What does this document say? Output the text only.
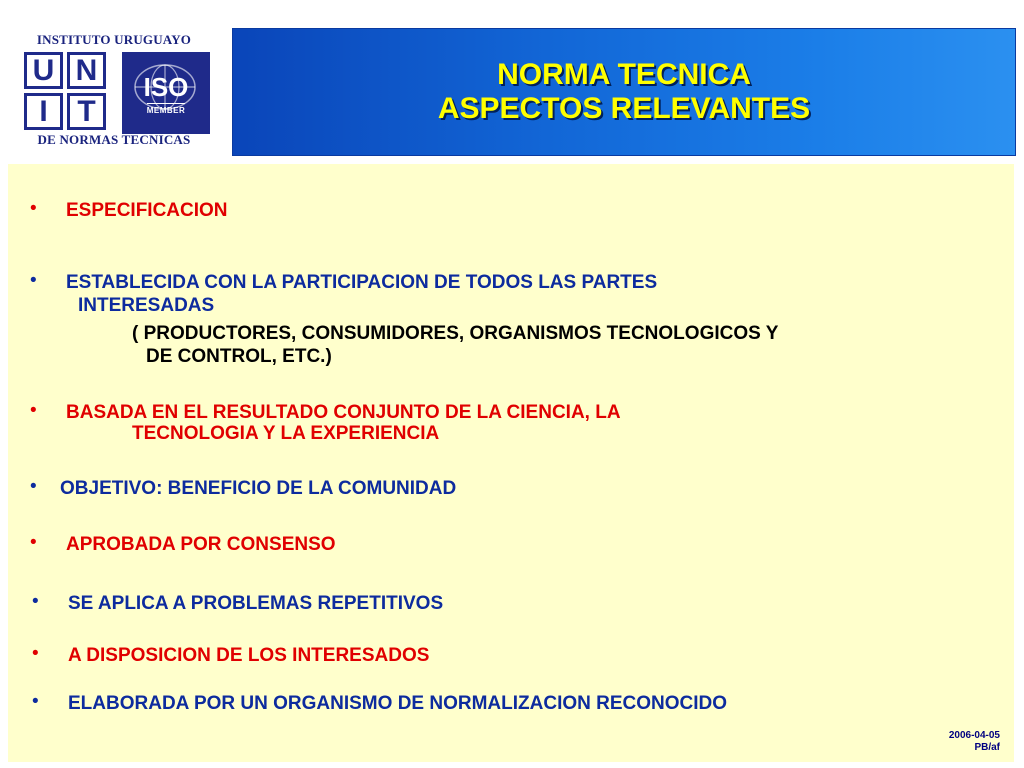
INSTITUTO URUGUAYO
U N
I T
ISO
MEMBER
DE NORMAS TECNICAS
NORMA TECNICA
ASPECTOS RELEVANTES
• ESPECIFICACION
• ESTABLECIDA CON LA PARTICIPACION DE TODOS LAS PARTES
INTERESADAS
( PRODUCTORES, CONSUMIDORES, ORGANISMOS TECNOLOGICOS Y
DE CONTROL, ETC.)
• BASADA EN EL RESULTADO CONJUNTO DE LA CIENCIA, LA
TECNOLOGIA Y LA EXPERIENCIA
• OBJETIVO: BENEFICIO DE LA COMUNIDAD
• APROBADA POR CONSENSO
• SE APLICA A PROBLEMAS REPETITIVOS
• A DISPOSICION DE LOS INTERESADOS
• ELABORADA POR UN ORGANISMO DE NORMALIZACION RECONOCIDO
2006-04-05
PB/af
